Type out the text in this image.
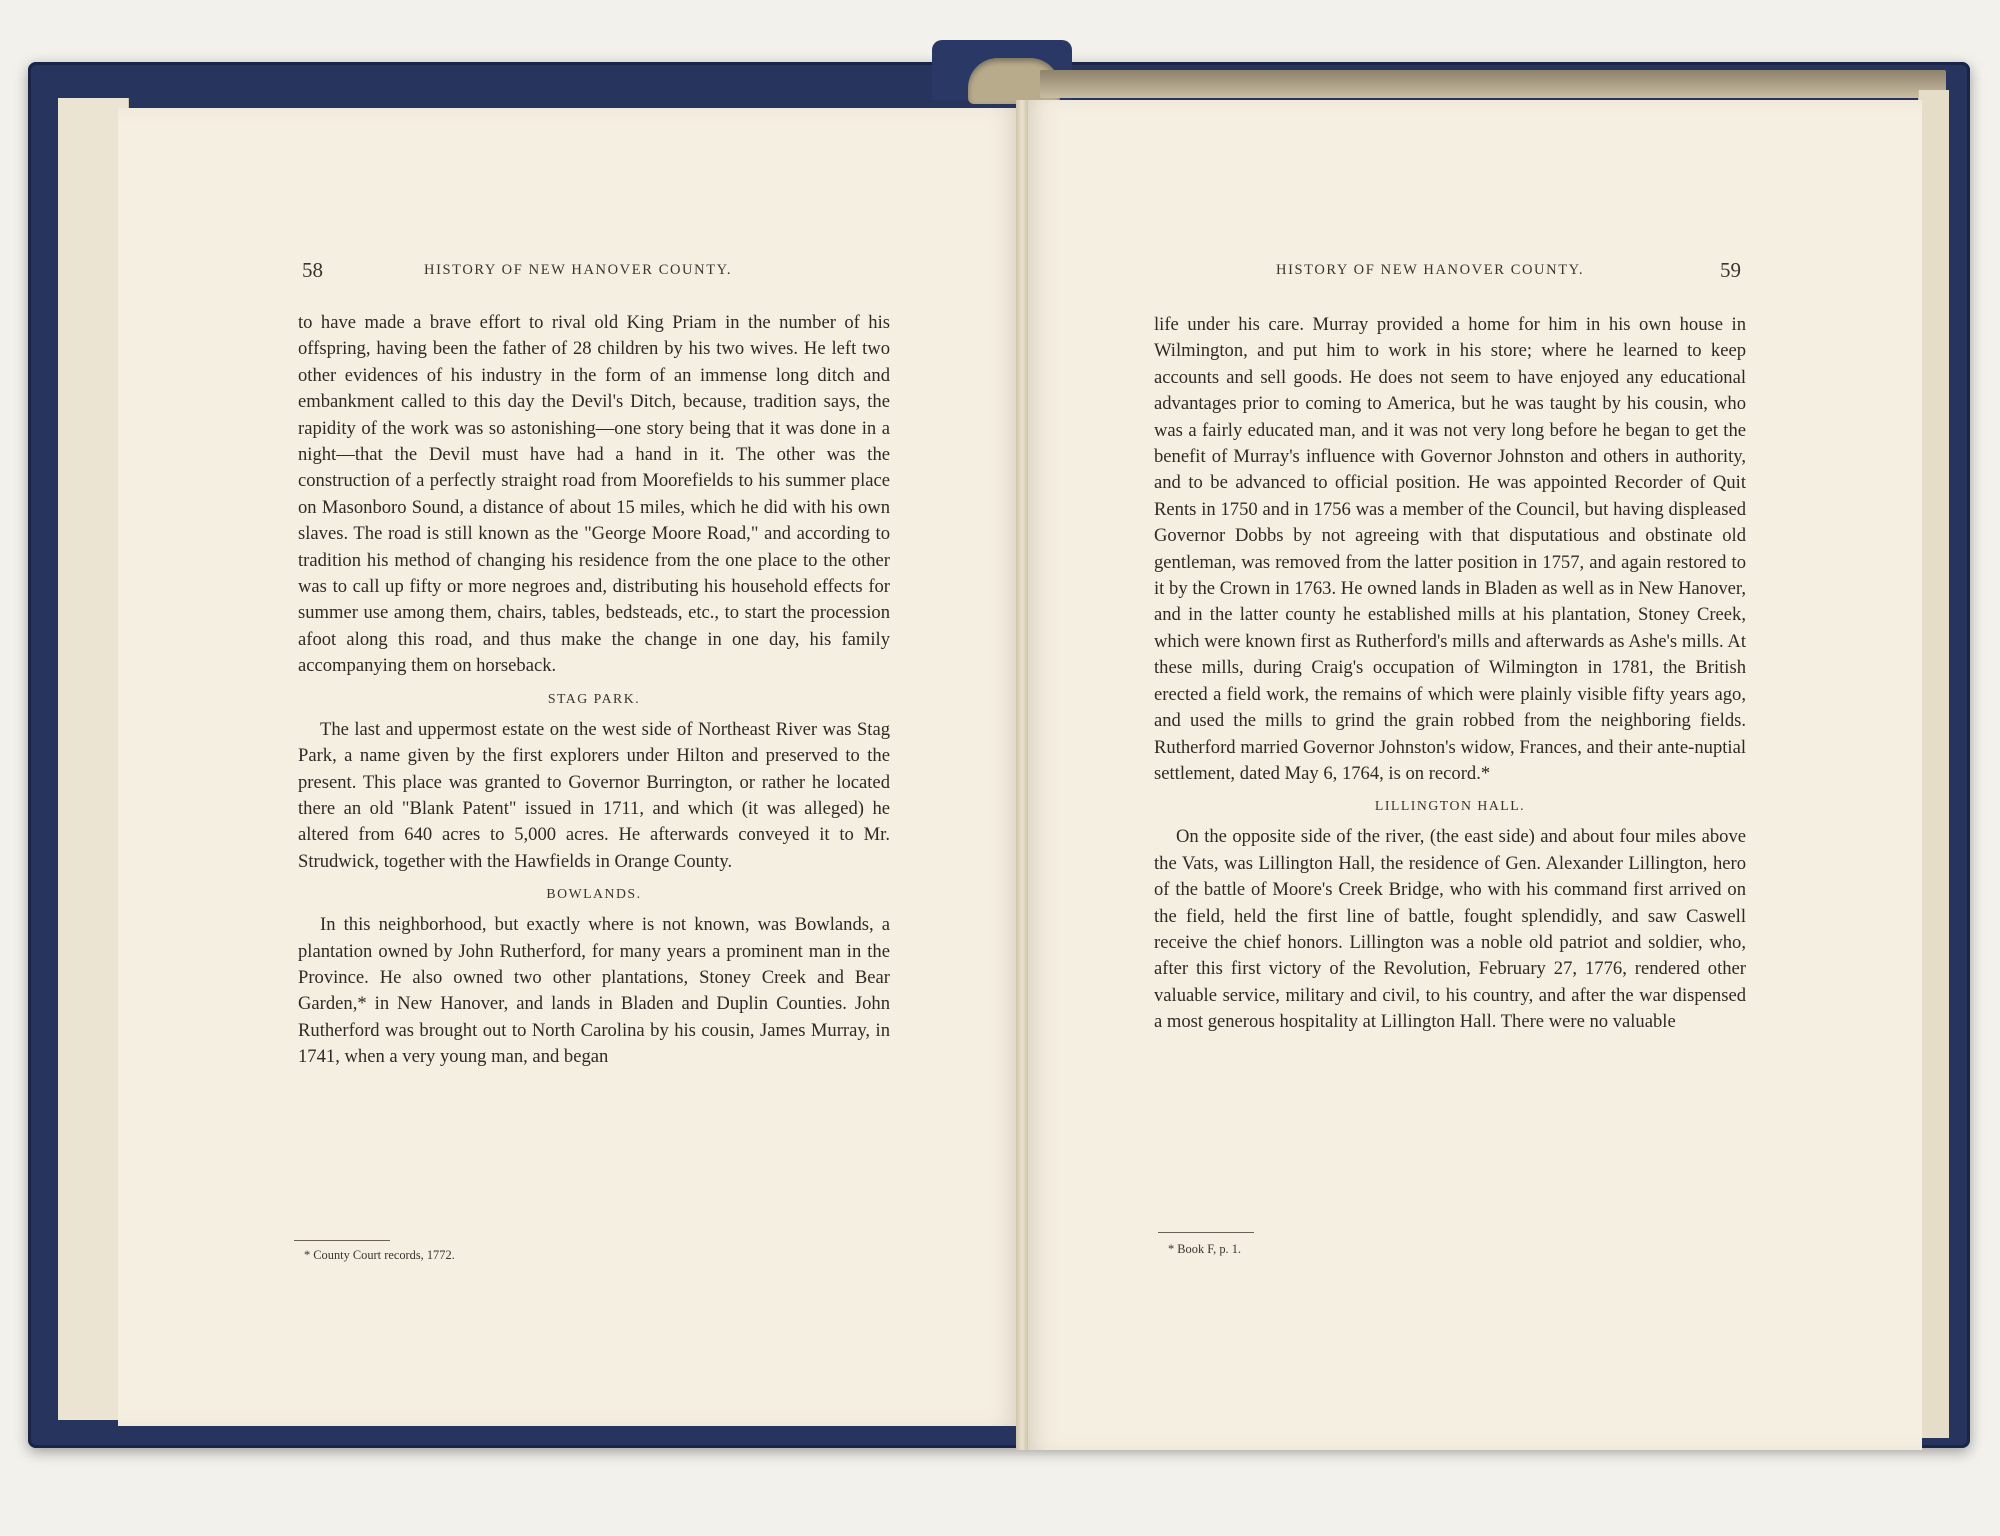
58	HISTORY OF NEW HANOVER COUNTY.

to have made a brave effort to rival old King Priam in the number of his offspring, having been the father of 28 children by his two wives. He left two other evidences of his industry in the form of an immense long ditch and embankment called to this day the Devil's Ditch, because, tradition says, the rapidity of the work was so astonishing—one story being that it was done in a night—that the Devil must have had a hand in it. The other was the construction of a perfectly straight road from Moorefields to his summer place on Masonboro Sound, a distance of about 15 miles, which he did with his own slaves. The road is still known as the "George Moore Road," and according to tradition his method of changing his residence from the one place to the other was to call up fifty or more negroes and, distributing his household effects for summer use among them, chairs, tables, bedsteads, etc., to start the procession afoot along this road, and thus make the change in one day, his family accompanying them on horseback.

STAG PARK.

The last and uppermost estate on the west side of Northeast River was Stag Park, a name given by the first explorers under Hilton and preserved to the present. This place was granted to Governor Burrington, or rather he located there an old "Blank Patent" issued in 1711, and which (it was alleged) he altered from 640 acres to 5,000 acres. He afterwards conveyed it to Mr. Strudwick, together with the Hawfields in Orange County.

BOWLANDS.

In this neighborhood, but exactly where is not known, was Bowlands, a plantation owned by John Rutherford, for many years a prominent man in the Province. He also owned two other plantations, Stoney Creek and Bear Garden,* in New Hanover, and lands in Bladen and Duplin Counties. John Rutherford was brought out to North Carolina by his cousin, James Murray, in 1741, when a very young man, and began

* County Court records, 1772.
HISTORY OF NEW HANOVER COUNTY.	59

life under his care. Murray provided a home for him in his own house in Wilmington, and put him to work in his store; where he learned to keep accounts and sell goods. He does not seem to have enjoyed any educational advantages prior to coming to America, but he was taught by his cousin, who was a fairly educated man, and it was not very long before he began to get the benefit of Murray's influence with Governor Johnston and others in authority, and to be advanced to official position. He was appointed Recorder of Quit Rents in 1750 and in 1756 was a member of the Council, but having displeased Governor Dobbs by not agreeing with that disputatious and obstinate old gentleman, was removed from the latter position in 1757, and again restored to it by the Crown in 1763. He owned lands in Bladen as well as in New Hanover, and in the latter county he established mills at his plantation, Stoney Creek, which were known first as Rutherford's mills and afterwards as Ashe's mills. At these mills, during Craig's occupation of Wilmington in 1781, the British erected a field work, the remains of which were plainly visible fifty years ago, and used the mills to grind the grain robbed from the neighboring fields. Rutherford married Governor Johnston's widow, Frances, and their ante-nuptial settlement, dated May 6, 1764, is on record.*

LILLINGTON HALL.

On the opposite side of the river, (the east side) and about four miles above the Vats, was Lillington Hall, the residence of Gen. Alexander Lillington, hero of the battle of Moore's Creek Bridge, who with his command first arrived on the field, held the first line of battle, fought splendidly, and saw Caswell receive the chief honors. Lillington was a noble old patriot and soldier, who, after this first victory of the Revolution, February 27, 1776, rendered other valuable service, military and civil, to his country, and after the war dispensed a most generous hospitality at Lillington Hall. There were no valuable

* Book F, p. 1.
